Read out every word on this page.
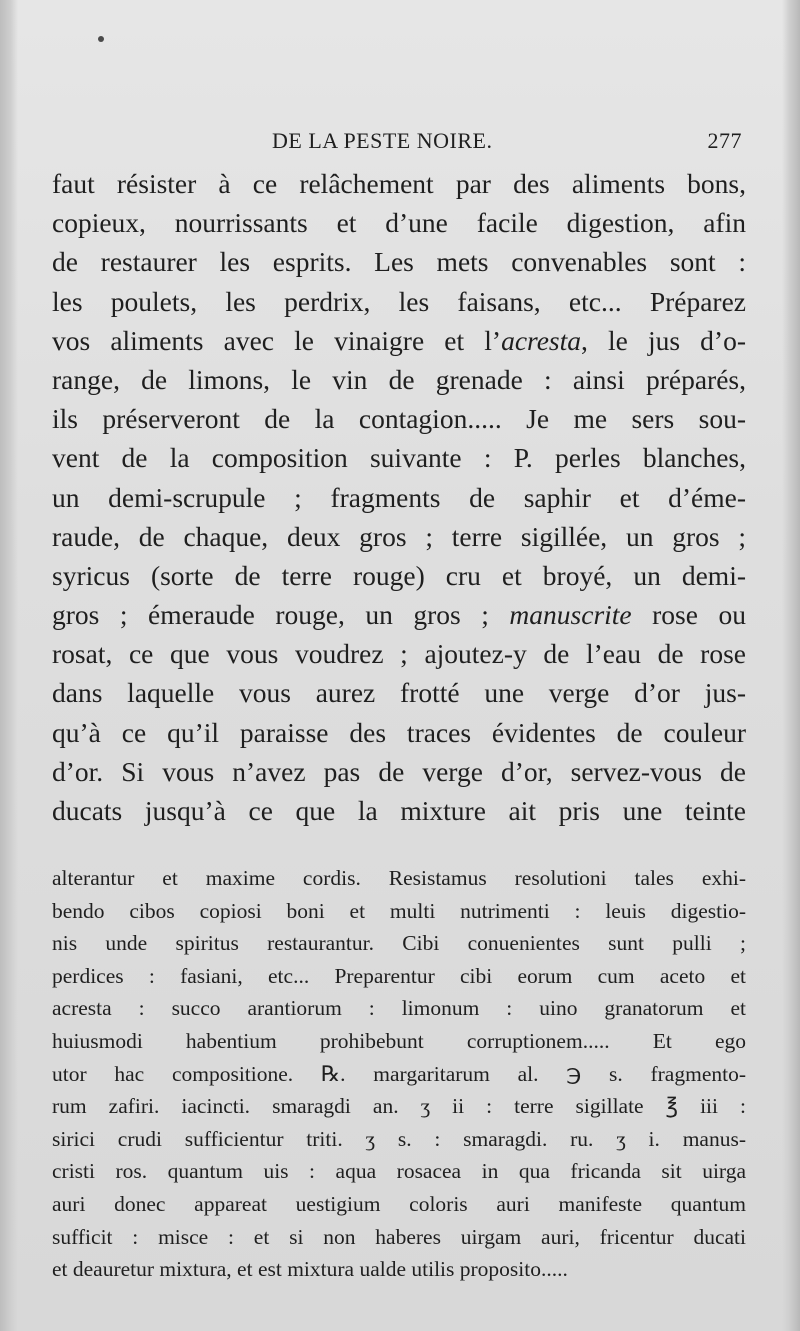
DE LA PESTE NOIRE.	277
faut résister à ce relâchement par des aliments bons,
copieux, nourrissants et d’une facile digestion, afin
de restaurer les esprits. Les mets convenables sont :
les poulets, les perdrix, les faisans, etc... Préparez
vos aliments avec le vinaigre et l’acresta, le jus d’o-
range, de limons, le vin de grenade : ainsi préparés,
ils préserveront de la contagion..... Je me sers sou-
vent de la composition suivante : P. perles blanches,
un demi-scrupule ; fragments de saphir et d’éme-
raude, de chaque, deux gros ; terre sigillée, un gros ;
syricus (sorte de terre rouge) cru et broyé, un demi-
gros ; émeraude rouge, un gros ; manuscrite rose ou
rosat, ce que vous voudrez ; ajoutez-y de l’eau de rose
dans laquelle vous aurez frotté une verge d’or jus-
qu’à ce qu’il paraisse des traces évidentes de couleur
d’or. Si vous n’avez pas de verge d’or, servez-vous de
ducats jusqu’à ce que la mixture ait pris une teinte
alterantur et maxime cordis. Resistamus resolutioni tales exhi-
bendo cibos copiosi boni et multi nutrimenti : leuis digestio-
nis unde spiritus restaurantur. Cibi conuenientes sunt pulli ;
perdices : fasiani, etc... Preparentur cibi eorum cum aceto et
acresta : succo arantiorum : limonum : uino granatorum et
huiusmodi habentium prohibebunt corruptionem..... Et ego
utor hac compositione. ℞. margaritarum al. ℈ s. fragmento-
rum zafiri. iacincti. smaragdi an. ʒ ii : terre sigillate ℥ iii :
sirici crudi sufficientur triti. ʒ s. : smaragdi. ru. ʒ i. manus-
cristi ros. quantum uis : aqua rosacea in qua fricanda sit uirga
auri donec appareat uestigium coloris auri manifeste quantum
sufficit : misce : et si non haberes uirgam auri, fricentur ducati
et deauretur mixtura, et est mixtura ualde utilis proposito.....
